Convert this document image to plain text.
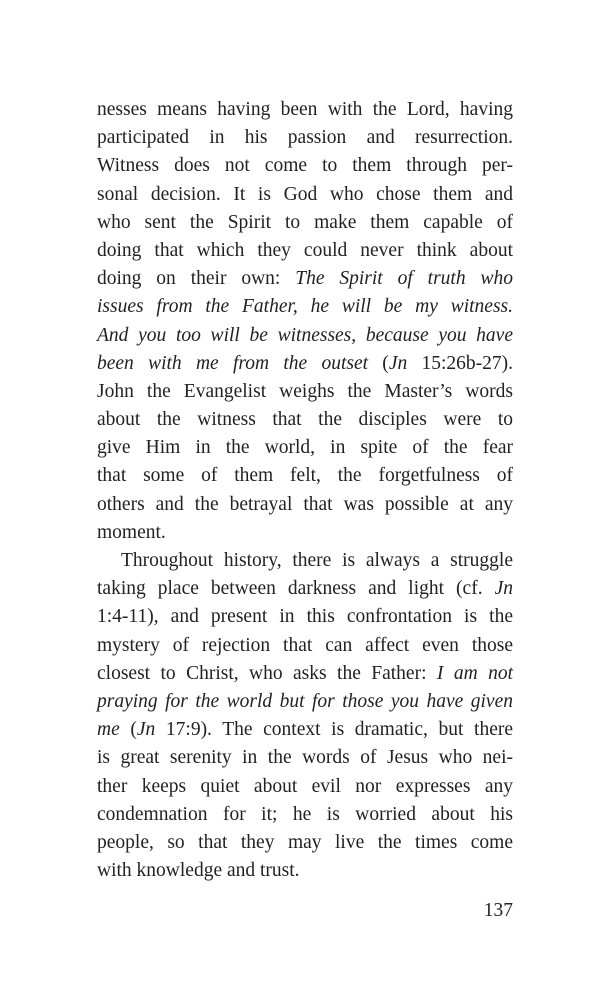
nesses means having been with the Lord, having
participated in his passion and resurrection.
Witness does not come to them through per-
sonal decision. It is God who chose them and
who sent the Spirit to make them capable of
doing that which they could never think about
doing on their own: The Spirit of truth who
issues from the Father, he will be my witness.
And you too will be witnesses, because you have
been with me from the outset (Jn 15:26b-27).
John the Evangelist weighs the Master’s words
about the witness that the disciples were to
give Him in the world, in spite of the fear
that some of them felt, the forgetfulness of
others and the betrayal that was possible at any
moment.
Throughout history, there is always a struggle
taking place between darkness and light (cf. Jn
1:4-11), and present in this confrontation is the
mystery of rejection that can affect even those
closest to Christ, who asks the Father: I am not
praying for the world but for those you have given
me (Jn 17:9). The context is dramatic, but there
is great serenity in the words of Jesus who nei-
ther keeps quiet about evil nor expresses any
condemnation for it; he is worried about his
people, so that they may live the times come
with knowledge and trust.
137
